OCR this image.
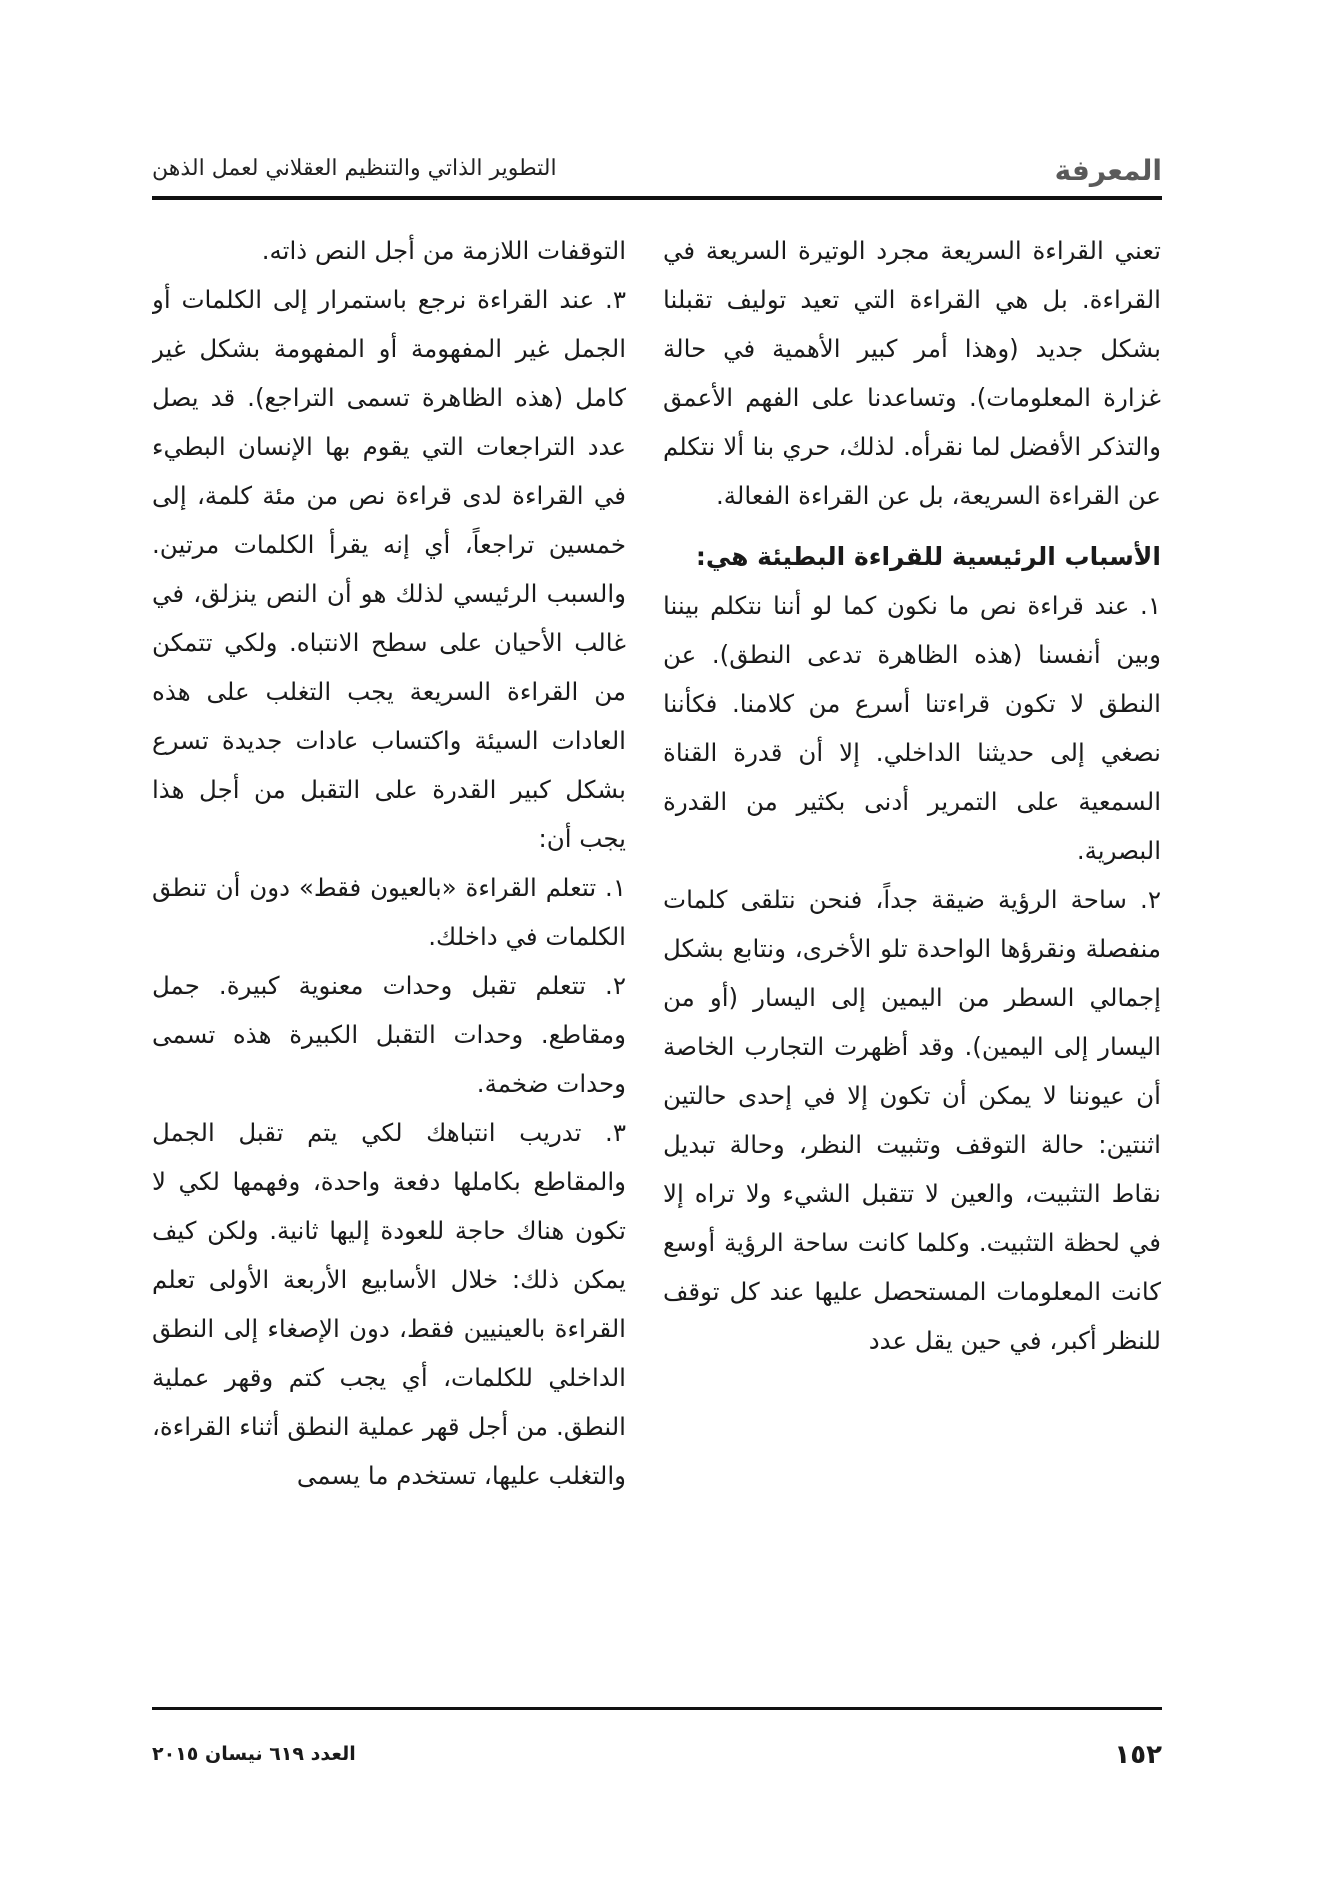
المعرفة
التطوير الذاتي والتنظيم العقلاني لعمل الذهن

تعني القراءة السريعة مجرد الوتيرة السريعة في القراءة. بل هي القراءة التي تعيد توليف تقبلنا بشكل جديد (وهذا أمر كبير الأهمية في حالة غزارة المعلومات). وتساعدنا على الفهم الأعمق والتذكر الأفضل لما نقرأه. لذلك، حري بنا ألا نتكلم عن القراءة السريعة، بل عن القراءة الفعالة.

الأسباب الرئيسية للقراءة البطيئة هي:

١. عند قراءة نص ما نكون كما لو أننا نتكلم بيننا وبين أنفسنا (هذه الظاهرة تدعى النطق). عن النطق لا تكون قراءتنا أسرع من كلامنا. فكأننا نصغي إلى حديثنا الداخلي. إلا أن قدرة القناة السمعية على التمرير أدنى بكثير من القدرة البصرية.

٢. ساحة الرؤية ضيقة جداً، فنحن نتلقى كلمات منفصلة ونقرؤها الواحدة تلو الأخرى، ونتابع بشكل إجمالي السطر من اليمين إلى اليسار (أو من اليسار إلى اليمين). وقد أظهرت التجارب الخاصة أن عيوننا لا يمكن أن تكون إلا في إحدى حالتين اثنتين: حالة التوقف وتثبيت النظر، وحالة تبديل نقاط التثبيت، والعين لا تتقبل الشيء ولا تراه إلا في لحظة التثبيت. وكلما كانت ساحة الرؤية أوسع كانت المعلومات المستحصل عليها عند كل توقف للنظر أكبر، في حين يقل عدد

التوقفات اللازمة من أجل النص ذاته.

٣. عند القراءة نرجع باستمرار إلى الكلمات أو الجمل غير المفهومة أو المفهومة بشكل غير كامل (هذه الظاهرة تسمى التراجع). قد يصل عدد التراجعات التي يقوم بها الإنسان البطيء في القراءة لدى قراءة نص من مئة كلمة، إلى خمسين تراجعاً، أي إنه يقرأ الكلمات مرتين. والسبب الرئيسي لذلك هو أن النص ينزلق، في غالب الأحيان على سطح الانتباه. ولكي تتمكن من القراءة السريعة يجب التغلب على هذه العادات السيئة واكتساب عادات جديدة تسرع بشكل كبير القدرة على التقبل من أجل هذا يجب أن:

١. تتعلم القراءة «بالعيون فقط» دون أن تنطق الكلمات في داخلك.

٢. تتعلم تقبل وحدات معنوية كبيرة. جمل ومقاطع. وحدات التقبل الكبيرة هذه تسمى وحدات ضخمة.

٣. تدريب انتباهك لكي يتم تقبل الجمل والمقاطع بكاملها دفعة واحدة، وفهمها لكي لا تكون هناك حاجة للعودة إليها ثانية. ولكن كيف يمكن ذلك: خلال الأسابيع الأربعة الأولى تعلم القراءة بالعينيين فقط، دون الإصغاء إلى النطق الداخلي للكلمات، أي يجب كتم وقهر عملية النطق. من أجل قهر عملية النطق أثناء القراءة، والتغلب عليها، تستخدم ما يسمى

١٥٢
العدد ٦١٩ نيسان ٢٠١٥
